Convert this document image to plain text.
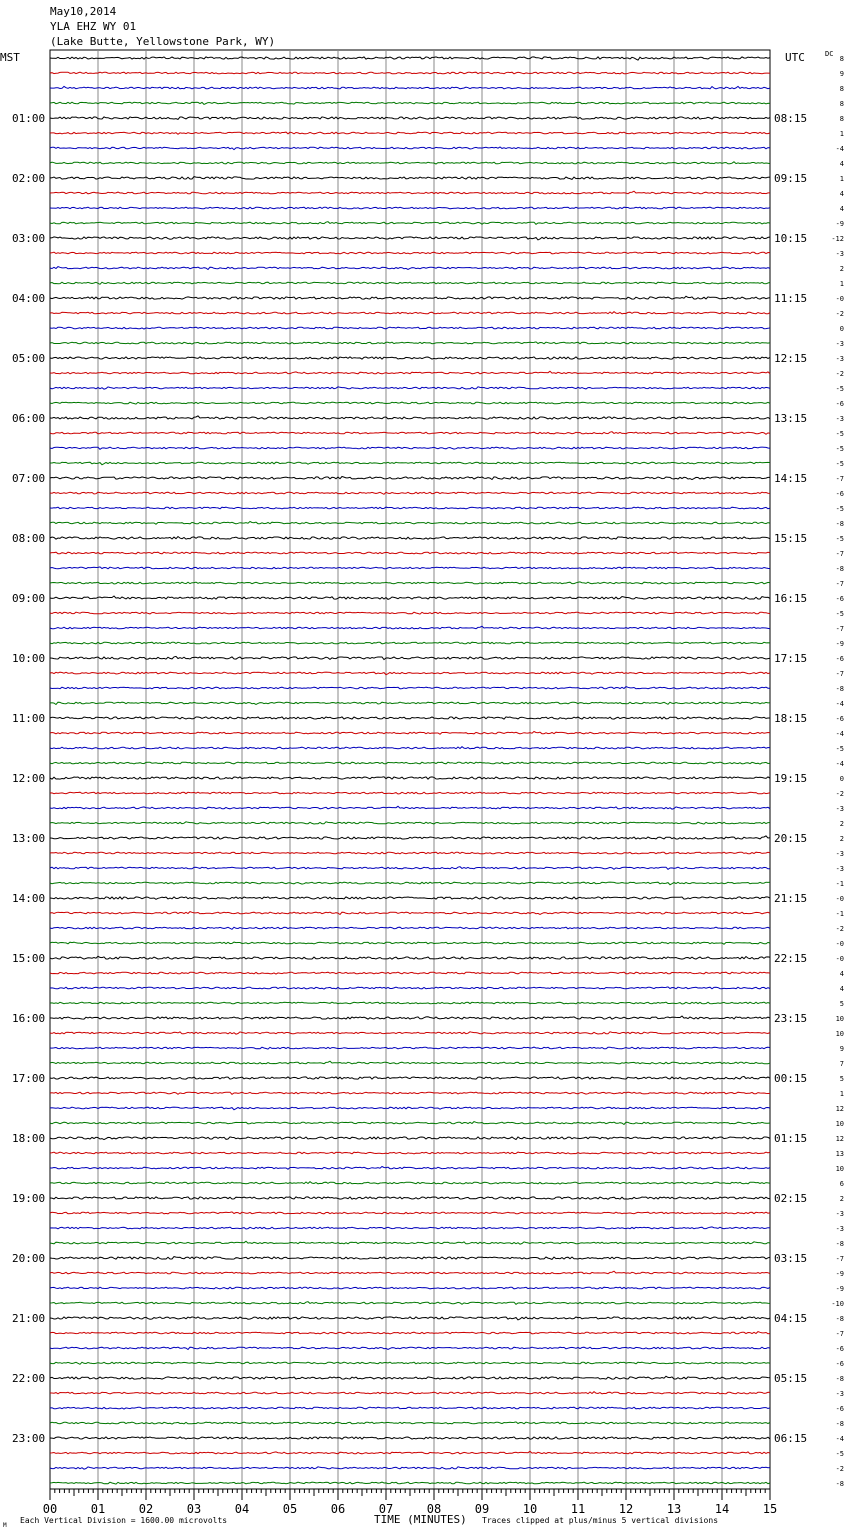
May10,2014
YLA EHZ WY 01
(Lake Butte, Yellowstone Park, WY)
00	01	02	03	04	05	06	07	08	09	10	11	12	13	14	15
8
9
8
8
8
1
-4
4
1
4
4
-9
-12
-3
2
1
-0
-2
0
-3
-3
-2
-5
-6
-3
-5
-5
-5
-7
-6
-5
-8
-5
-7
-8
-7
-6
-5
-7
-9
-6
-7
-8
-4
-6
-4
-5
-4
0
-2
-3
2
2
-3
-3
-1
-0
-1
-2
-0
-0
4
4
5
10
10
9
7
5
1
12
10
12
13
10
6
2
-3
-3
-8
-7
-9
-9
-10
-8
-7
-6
-6
-8
-3
-6
-8
-4
-5
-2
-8
MST	UTC	DC
01:00
02:00
03:00
04:00
05:00
06:00
07:00
08:00
09:00
10:00
11:00
12:00
13:00
14:00
15:00
16:00
17:00
18:00
19:00
20:00
21:00
22:00
23:00
08:15
09:15
10:15
11:15
12:15
13:15
14:15
15:15
16:15
17:15
18:15
19:15
20:15
21:15
22:15
23:15
00:15
01:15
02:15
03:15
04:15
05:15
06:15
M
Each Vertical Division = 1600.00 microvolts	TIME (MINUTES) Traces clipped at plus/minus 5 vertical divisions
